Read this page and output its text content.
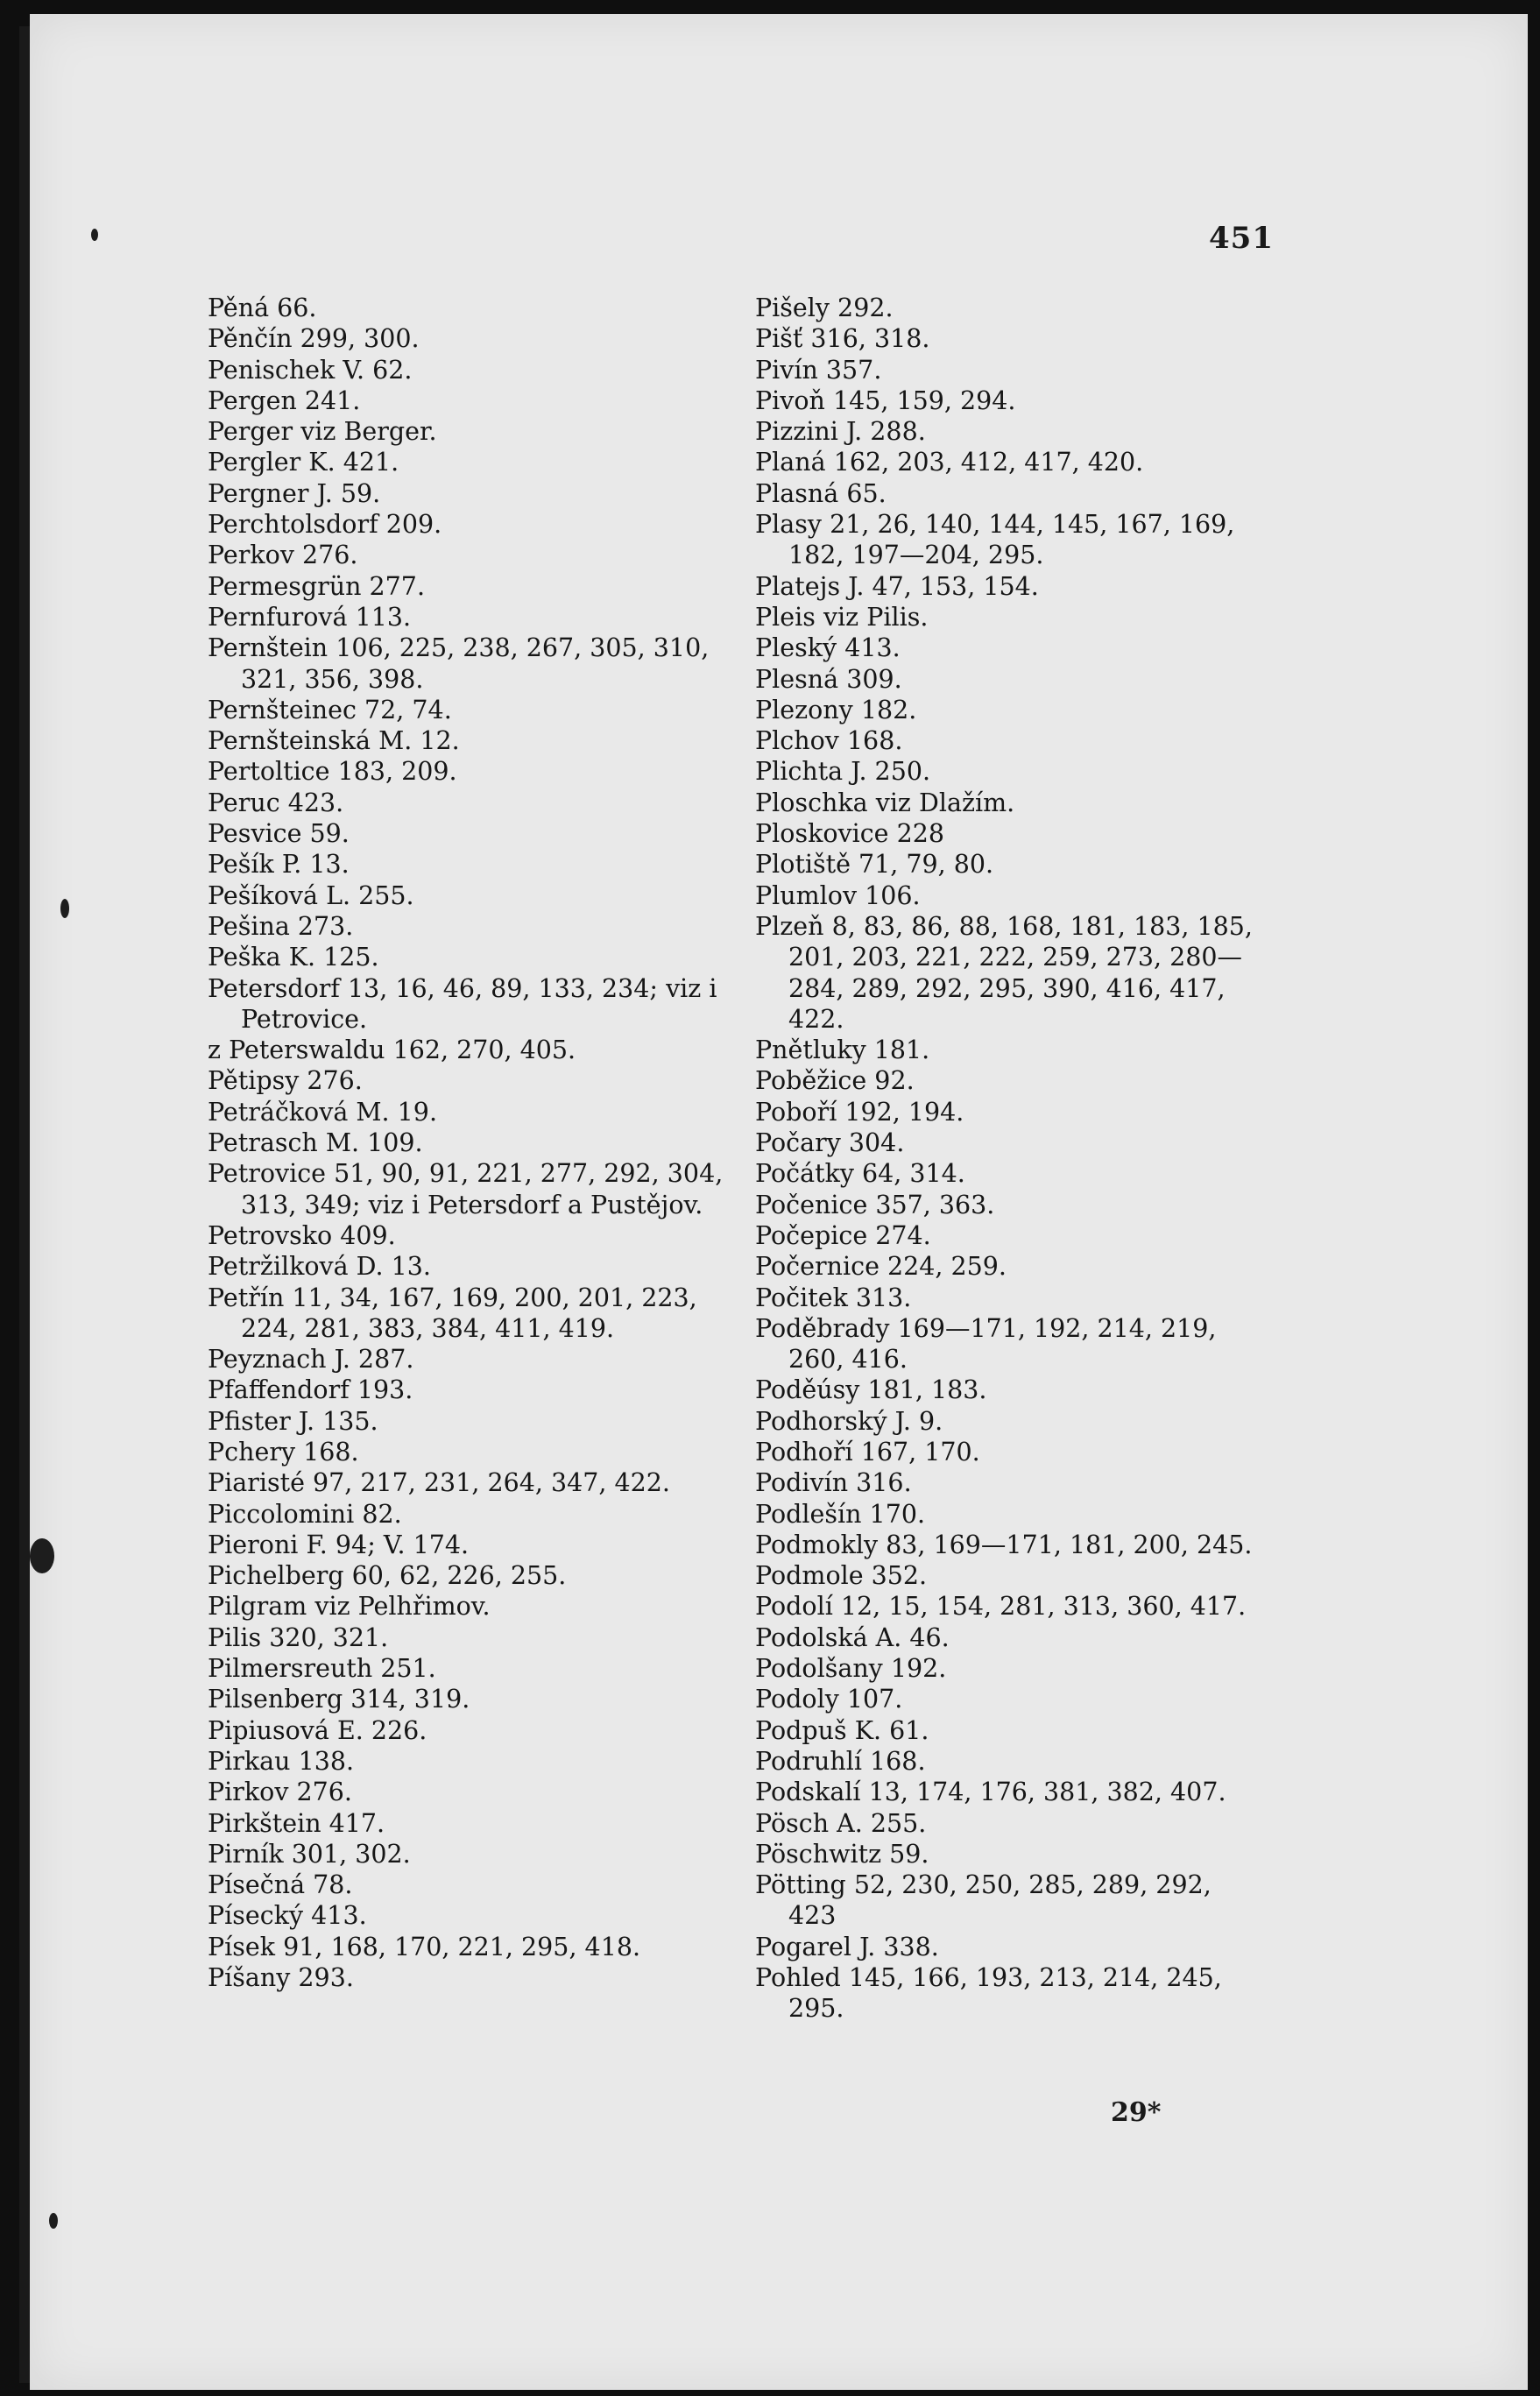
451
Pěná 66.
Pěnčín 299, 300.
Penischek V. 62.
Pergen 241.
Perger viz Berger.
Pergler K. 421.
Pergner J. 59.
Perchtolsdorf 209.
Perkov 276.
Permesgrün 277.
Pernfurová 113.
Pernštein 106, 225, 238, 267, 305, 310, 321, 356, 398.
Pernšteinec 72, 74.
Pernšteinská M. 12.
Pertoltice 183, 209.
Peruc 423.
Pesvice 59.
Pešík P. 13.
Pešíková L. 255.
Pešina 273.
Peška K. 125.
Petersdorf 13, 16, 46, 89, 133, 234; viz i Petrovice.
z Peterswaldu 162, 270, 405.
Pětipsy 276.
Petráčková M. 19.
Petrasch M. 109.
Petrovice 51, 90, 91, 221, 277, 292, 304, 313, 349; viz i Petersdorf a Pustějov.
Petrovsko 409.
Petržilková D. 13.
Petřín 11, 34, 167, 169, 200, 201, 223, 224, 281, 383, 384, 411, 419.
Peyznach J. 287.
Pfaffendorf 193.
Pfister J. 135.
Pchery 168.
Piaristé 97, 217, 231, 264, 347, 422.
Piccolomini 82.
Pieroni F. 94; V. 174.
Pichelberg 60, 62, 226, 255.
Pilgram viz Pelhřimov.
Pilis 320, 321.
Pilmersreuth 251.
Pilsenberg 314, 319.
Pipiusová E. 226.
Pirkau 138.
Pirkov 276.
Pirkštein 417.
Pirník 301, 302.
Písečná 78.
Písecký 413.
Písek 91, 168, 170, 221, 295, 418.
Píšany 293.
Pišely 292.
Pišť 316, 318.
Pivín 357.
Pivoň 145, 159, 294.
Pizzini J. 288.
Planá 162, 203, 412, 417, 420.
Plasná 65.
Plasy 21, 26, 140, 144, 145, 167, 169, 182, 197—204, 295.
Platejs J. 47, 153, 154.
Pleis viz Pilis.
Pleský 413.
Plesná 309.
Plezony 182.
Plchov 168.
Plichta J. 250.
Ploschka viz Dlažím.
Ploskovice 228
Plotiště 71, 79, 80.
Plumlov 106.
Plzeň 8, 83, 86, 88, 168, 181, 183, 185, 201, 203, 221, 222, 259, 273, 280—284, 289, 292, 295, 390, 416, 417, 422.
Pnětluky 181.
Poběžice 92.
Poboří 192, 194.
Počary 304.
Počátky 64, 314.
Počenice 357, 363.
Počepice 274.
Počernice 224, 259.
Počitek 313.
Poděbrady 169—171, 192, 214, 219, 260, 416.
Poděúsy 181, 183.
Podhorský J. 9.
Podhoří 167, 170.
Podivín 316.
Podlešín 170.
Podmokly 83, 169—171, 181, 200, 245.
Podmole 352.
Podolí 12, 15, 154, 281, 313, 360, 417.
Podolská A. 46.
Podolšany 192.
Podoly 107.
Podpuš K. 61.
Podruhlí 168.
Podskalí 13, 174, 176, 381, 382, 407.
Pösch A. 255.
Pöschwitz 59.
Pötting 52, 230, 250, 285, 289, 292, 423
Pogarel J. 338.
Pohled 145, 166, 193, 213, 214, 245, 295.
29*
